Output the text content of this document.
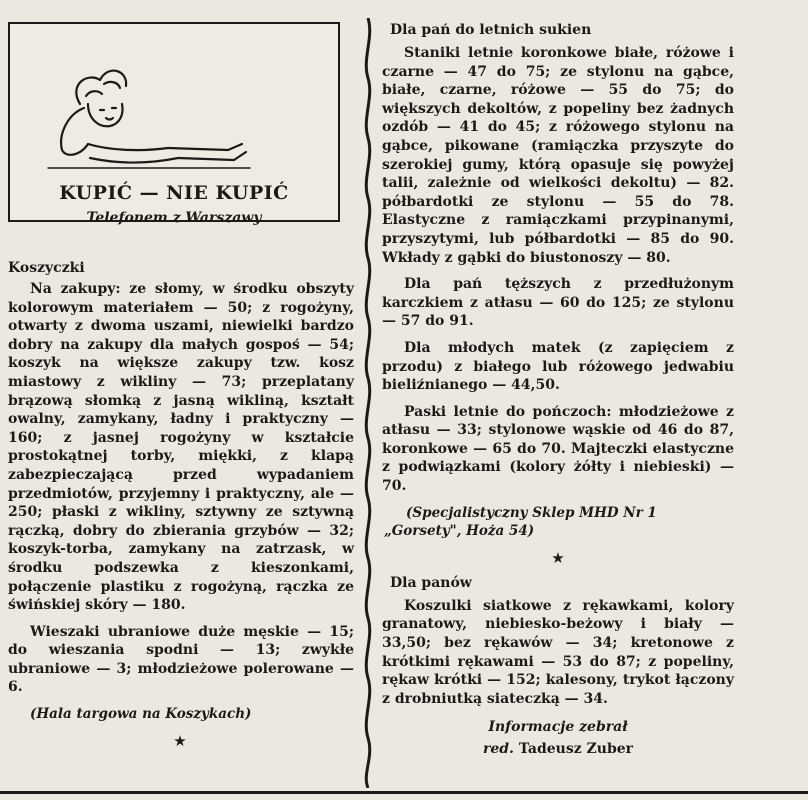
KUPIĆ — NIE KUPIĆ
Telefonem z Warszawy
Koszyczki

Na zakupy: ze słomy, w środku obszyty kolorowym materiałem — 50; z rogożyny, otwarty z dwoma uszami, niewielki bardzo dobry na zakupy dla małych gospoś — 54; koszyk na większe zakupy tzw. kosz miastowy z wikliny — 73; przeplatany brązową słomką z jasną wikliną, kształt owalny, zamykany, ładny i praktyczny — 160; z jasnej rogożyny w kształcie prostokątnej torby, miękki, z klapą zabezpieczającą przed wypadaniem przedmiotów, przyjemny i praktyczny, ale — 250; płaski z wikliny, sztywny ze sztywną rączką, dobry do zbierania grzybów — 32; koszyk-torba, zamykany na zatrzask, w środku podszewka z kieszonkami, połączenie plastiku z rogożyną, rączka ze świńskiej skóry — 180.

Wieszaki ubraniowe duże męskie — 15; do wieszania spodni — 13; zwykłe ubraniowe — 3; młodzieżowe polerowane — 6.

(Hala targowa na Koszykach)
★
Dla pań do letnich sukien

Staniki letnie koronkowe białe, różowe i czarne — 47 do 75; ze stylonu na gąbce, białe, czarne, różowe — 55 do 75; do większych dekoltów, z popeliny bez żadnych ozdób — 41 do 45; z różowego stylonu na gąbce, pikowane (ramiączka przyszyte do szerokiej gumy, którą opasuje się powyżej talii, zależnie od wielkości dekoltu) — 82. półbardotki ze stylonu — 55 do 78. Elastyczne z ramiączkami przypinanymi, przyszytymi, lub półbardotki — 85 do 90. Wkłady z gąbki do biustonoszy — 80.

Dla pań tęższych z przedłużonym karczkiem z atłasu — 60 do 125; ze stylonu — 57 do 91.

Dla młodych matek (z zapięciem z przodu) z białego lub różowego jedwabiu bieliźnianego — 44,50.

Paski letnie do pończoch: młodzieżowe z atłasu — 33; stylonowe wąskie od 46 do 87, koronkowe — 65 do 70. Majteczki elastyczne z podwiązkami (kolory żółty i niebieski) — 70.

(Specjalistyczny Sklep MHD Nr 1 „Gorsety", Hoża 54)
★
Dla panów

Koszulki siatkowe z rękawkami, kolory granatowy, niebiesko-beżowy i biały — 33,50; bez rękawów — 34; kretonowe z krótkimi rękawami — 53 do 87; z popeliny, rękaw krótki — 152; kalesony, trykot łączony z drobniutką siateczką — 34.

Informacje zebrał
red. Tadeusz Zuber
